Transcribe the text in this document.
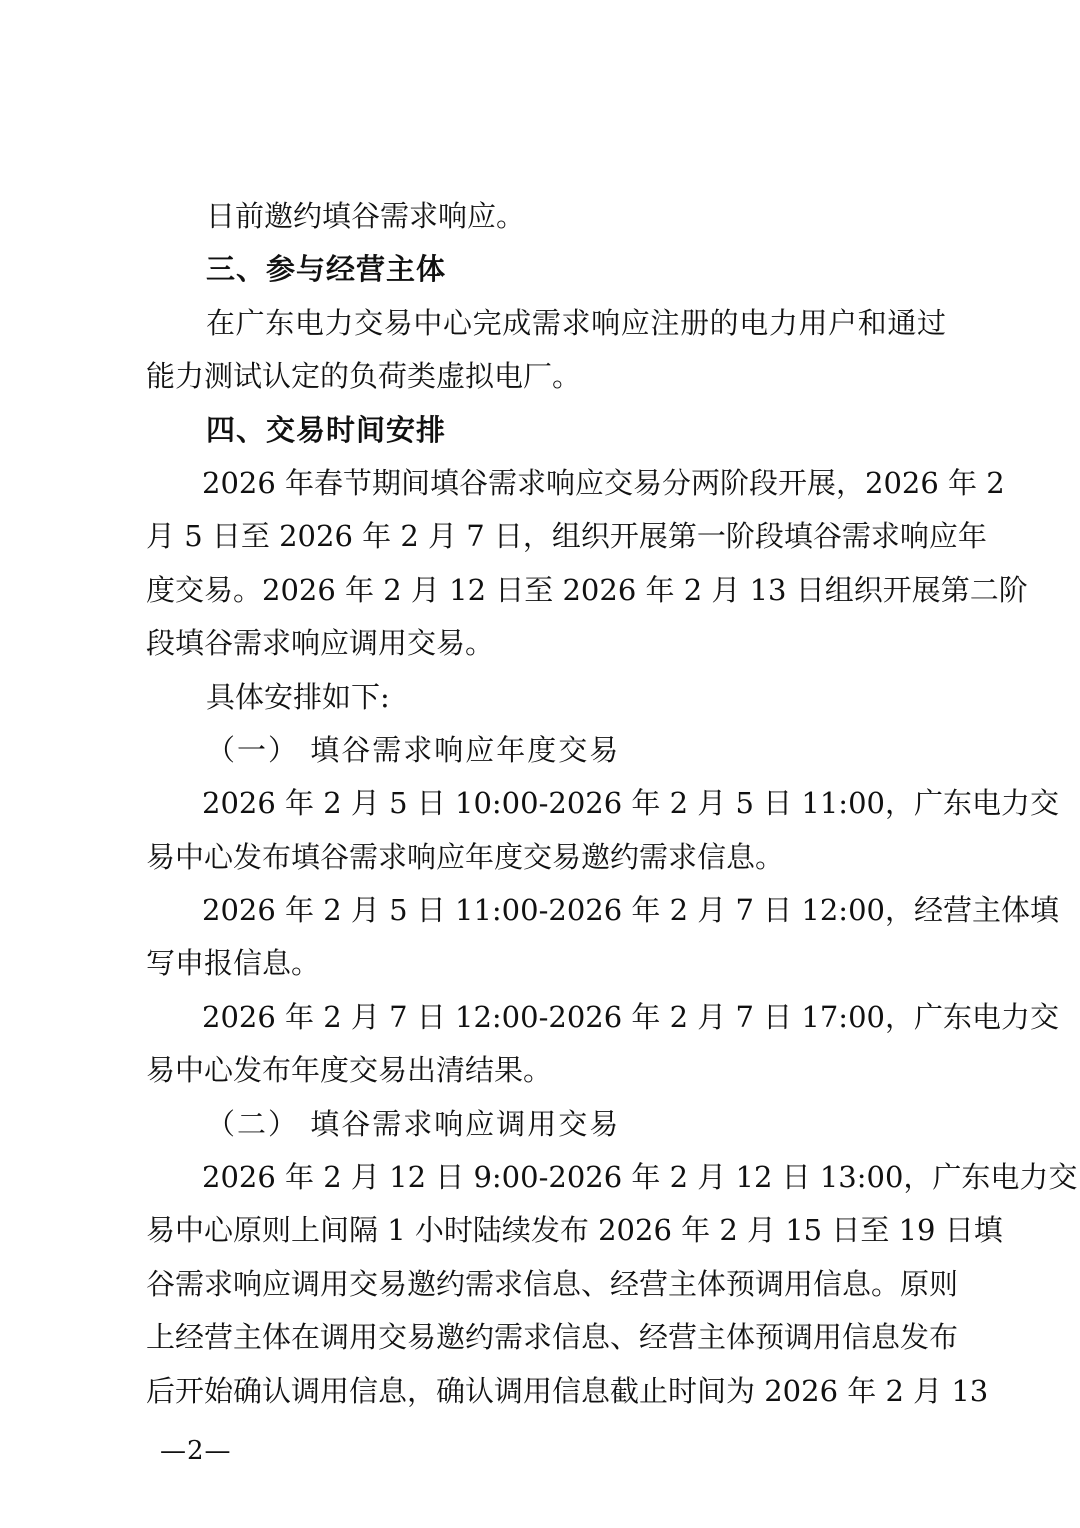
日前邀约填谷需求响应。
三、参与经营主体
在广东电力交易中心完成需求响应注册的电力用户和通过
能力测试认定的负荷类虚拟电厂。
四、交易时间安排
2026 年春节期间填谷需求响应交易分两阶段开展，2026 年 2
月 5 日至 2026 年 2 月 7 日，组织开展第一阶段填谷需求响应年
度交易。2026 年 2 月 12 日至 2026 年 2 月 13 日组织开展第二阶
段填谷需求响应调用交易。
具体安排如下:
（一） 填谷需求响应年度交易
2026 年 2 月 5 日 10:00-2026 年 2 月 5 日 11:00，广东电力交
易中心发布填谷需求响应年度交易邀约需求信息。
2026 年 2 月 5 日 11:00-2026 年 2 月 7 日 12:00，经营主体填
写申报信息。
2026 年 2 月 7 日 12:00-2026 年 2 月 7 日 17:00，广东电力交
易中心发布年度交易出清结果。
（二） 填谷需求响应调用交易
2026 年 2 月 12 日 9:00-2026 年 2 月 12 日 13:00，广东电力交
易中心原则上间隔 1 小时陆续发布 2026 年 2 月 15 日至 19 日填
谷需求响应调用交易邀约需求信息、经营主体预调用信息。原则
上经营主体在调用交易邀约需求信息、经营主体预调用信息发布
后开始确认调用信息，确认调用信息截止时间为 2026 年 2 月 13
—2—
